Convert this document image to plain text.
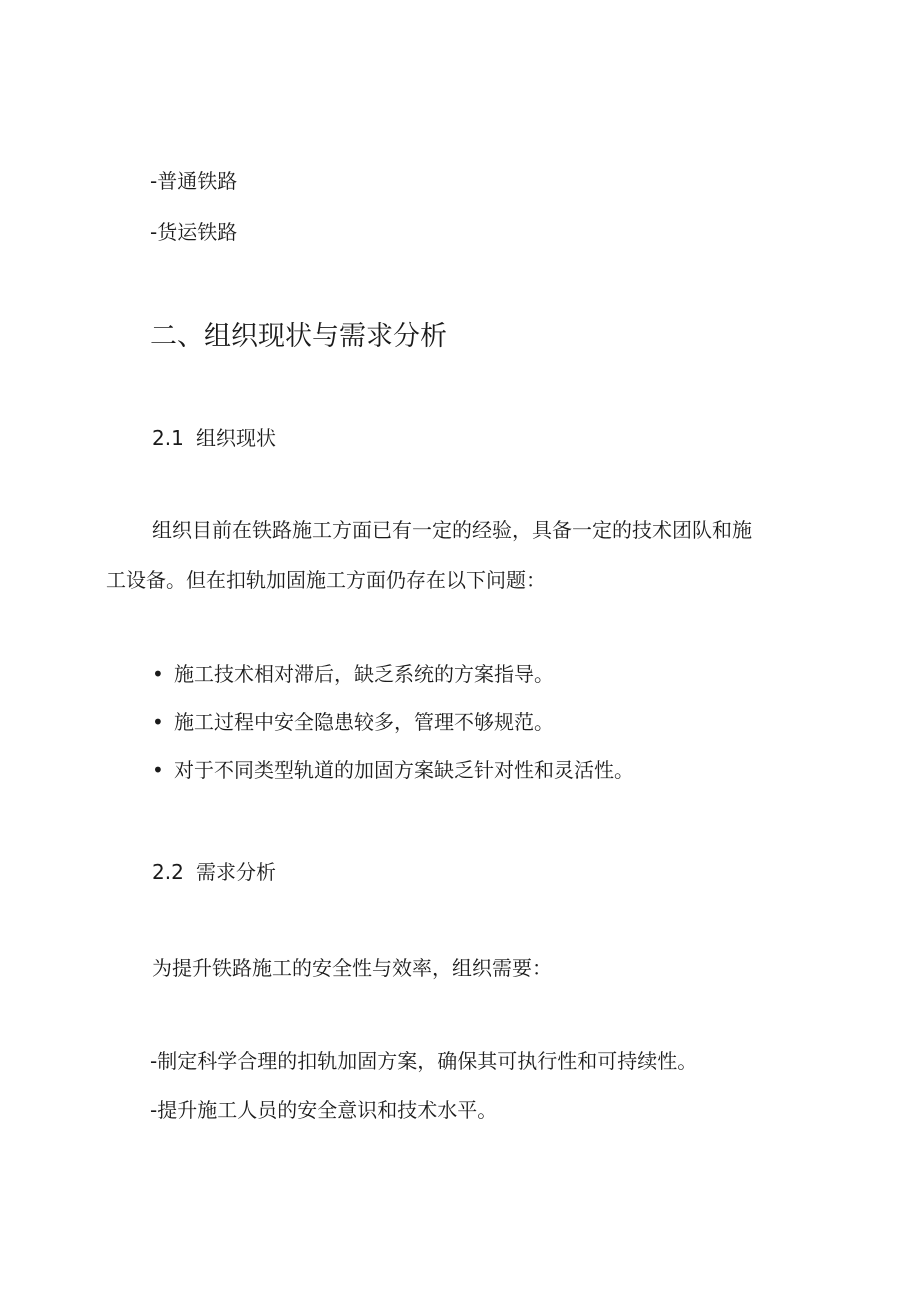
-普通铁路
-货运铁路
二、组织现状与需求分析
2.1 组织现状
组织目前在铁路施工方面已有一定的经验，具备一定的技术团队和施
工设备。但在扣轨加固施工方面仍存在以下问题：
• 施工技术相对滞后，缺乏系统的方案指导。
• 施工过程中安全隐患较多，管理不够规范。
• 对于不同类型轨道的加固方案缺乏针对性和灵活性。
2.2 需求分析
为提升铁路施工的安全性与效率，组织需要：
-制定科学合理的扣轨加固方案，确保其可执行性和可持续性。
-提升施工人员的安全意识和技术水平。
